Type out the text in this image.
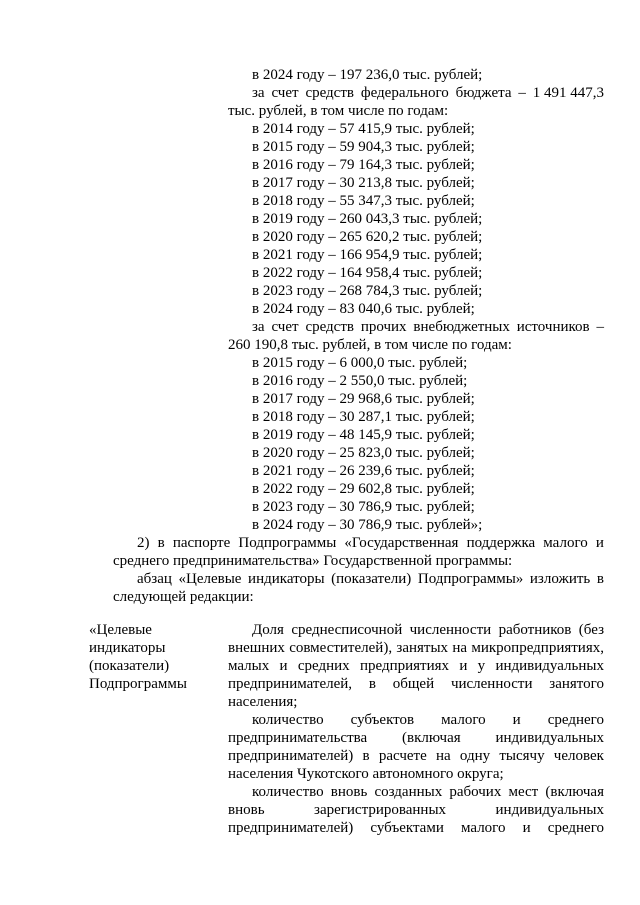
в 2024 году – 197 236,0 тыс. рублей;
за счет средств федерального бюджета – 1 491 447,3
тыс. рублей, в том числе по годам:
в 2014 году – 57 415,9 тыс. рублей;
в 2015 году – 59 904,3 тыс. рублей;
в 2016 году – 79 164,3 тыс. рублей;
в 2017 году – 30 213,8 тыс. рублей;
в 2018 году – 55 347,3 тыс. рублей;
в 2019 году – 260 043,3 тыс. рублей;
в 2020 году – 265 620,2 тыс. рублей;
в 2021 году – 166 954,9 тыс. рублей;
в 2022 году – 164 958,4 тыс. рублей;
в 2023 году – 268 784,3 тыс. рублей;
в 2024 году – 83 040,6 тыс. рублей;
за счет средств прочих внебюджетных источников –
260 190,8 тыс. рублей, в том числе по годам:
в 2015 году – 6 000,0 тыс. рублей;
в 2016 году – 2 550,0 тыс. рублей;
в 2017 году – 29 968,6 тыс. рублей;
в 2018 году – 30 287,1 тыс. рублей;
в 2019 году – 48 145,9 тыс. рублей;
в 2020 году – 25 823,0 тыс. рублей;
в 2021 году – 26 239,6 тыс. рублей;
в 2022 году – 29 602,8 тыс. рублей;
в 2023 году – 30 786,9 тыс. рублей;
в 2024 году – 30 786,9 тыс. рублей»;
2) в паспорте Подпрограммы «Государственная поддержка малого и
среднего предпринимательства» Государственной программы:
абзац «Целевые индикаторы (показатели) Подпрограммы» изложить в
следующей редакции:
«Целевые
индикаторы
(показатели)
Подпрограммы
Доля среднесписочной численности работников (без
внешних совместителей), занятых на микропредприятиях,
малых и средних предприятиях и у индивидуальных
предпринимателей, в общей численности занятого
населения;
количество субъектов малого и среднего
предпринимательства (включая индивидуальных
предпринимателей) в расчете на одну тысячу человек
населения Чукотского автономного округа;
количество вновь созданных рабочих мест (включая
вновь	зарегистрированных	индивидуальных
предпринимателей) субъектами малого и среднего
